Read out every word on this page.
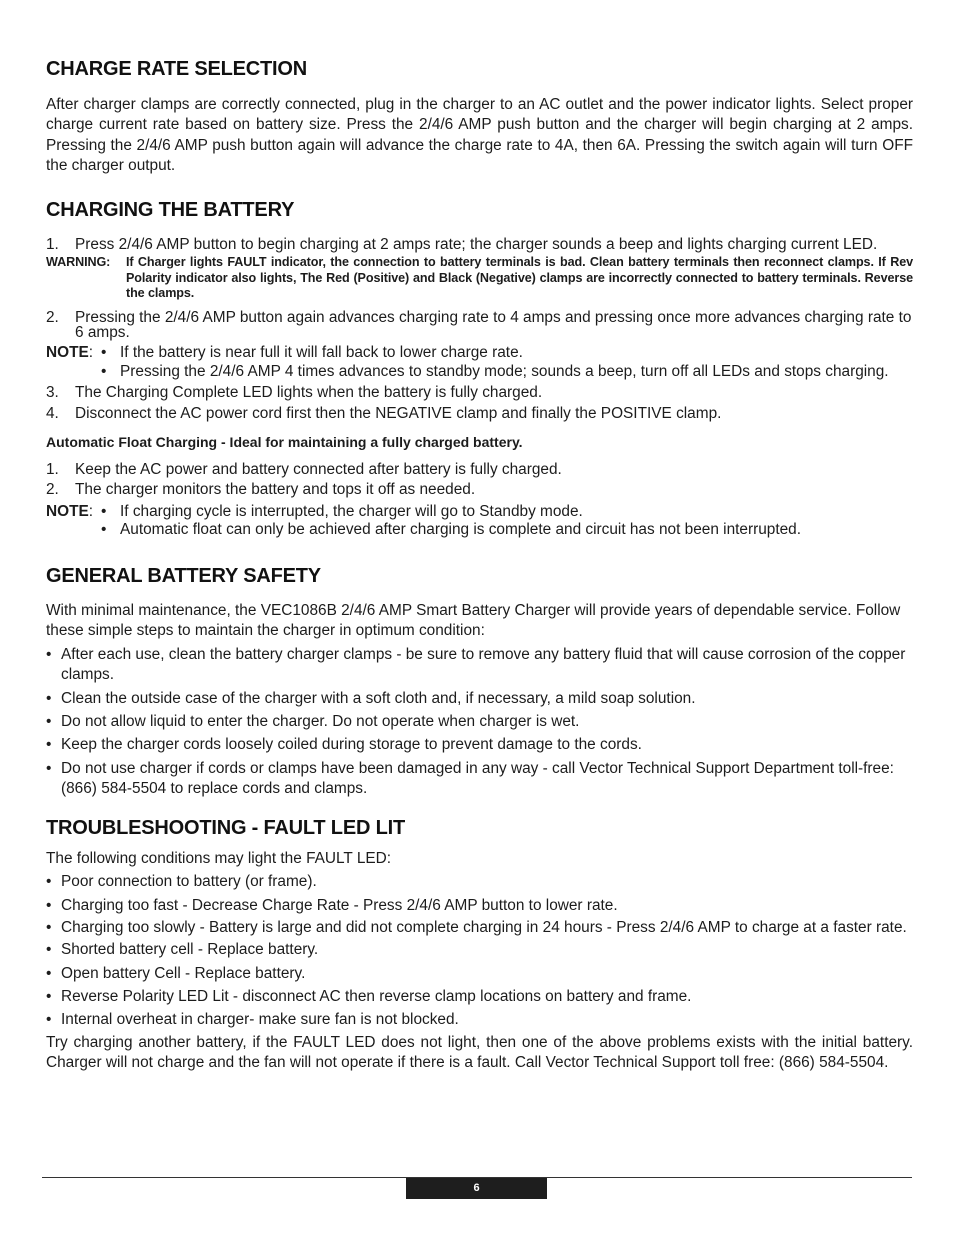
CHARGE RATE SELECTION

After charger clamps are correctly connected, plug in the charger to an AC outlet and the power indicator lights. Select proper charge current rate based on battery size. Press the 2/4/6 AMP push button and the charger will begin charging at 2 amps. Pressing the 2/4/6 AMP push button again will advance the charge rate to 4A, then 6A. Pressing the switch again will turn OFF the charger output.

CHARGING THE BATTERY
1.	Press 2/4/6 AMP button to begin charging at 2 amps rate; the charger sounds a beep and lights charging current LED.
WARNING:	If Charger lights FAULT indicator, the connection to battery terminals is bad. Clean battery terminals then reconnect clamps. If Rev Polarity indicator also lights, The Red (Positive) and Black (Negative) clamps are incorrectly connected to battery terminals. Reverse the clamps.
2.	Pressing the 2/4/6 AMP button again advances charging rate to 4 amps and pressing once more advances charging rate to 6 amps.
NOTE: • If the battery is near full it will fall back to lower charge rate.
• Pressing the 2/4/6 AMP 4 times advances to standby mode; sounds a beep, turn off all LEDs and stops charging.
3.	The Charging Complete LED lights when the battery is fully charged.
4.	Disconnect the AC power cord first then the NEGATIVE clamp and finally the POSITIVE clamp.
Automatic Float Charging - Ideal for maintaining a fully charged battery.
1.	Keep the AC power and battery connected after battery is fully charged.
2.	The charger monitors the battery and tops it off as needed.
NOTE: • If charging cycle is interrupted, the charger will go to Standby mode.
• Automatic float can only be achieved after charging is complete and circuit has not been interrupted.
GENERAL BATTERY SAFETY

With minimal maintenance, the VEC1086B 2/4/6 AMP Smart Battery Charger will provide years of dependable service. Follow these simple steps to maintain the charger in optimum condition:

• After each use, clean the battery charger clamps - be sure to remove any battery fluid that will cause corrosion of the copper clamps.
• Clean the outside case of the charger with a soft cloth and, if necessary, a mild soap solution.
• Do not allow liquid to enter the charger. Do not operate when charger is wet.
• Keep the charger cords loosely coiled during storage to prevent damage to the cords.
• Do not use charger if cords or clamps have been damaged in any way - call Vector Technical Support Department toll-free: (866) 584-5504 to replace cords and clamps.
TROUBLESHOOTING - FAULT LED LIT

The following conditions may light the FAULT LED:

• Poor connection to battery (or frame).
• Charging too fast - Decrease Charge Rate - Press 2/4/6 AMP button to lower rate.
• Charging too slowly - Battery is large and did not complete charging in 24 hours - Press 2/4/6 AMP to charge at a faster rate.
• Shorted battery cell - Replace battery.
• Open battery Cell - Replace battery.
• Reverse Polarity LED Lit - disconnect AC then reverse clamp locations on battery and frame.
• Internal overheat in charger- make sure fan is not blocked.

Try charging another battery, if the FAULT LED does not light, then one of the above problems exists with the initial battery. Charger will not charge and the fan will not operate if there is a fault. Call Vector Technical Support toll free: (866) 584-5504.

6
